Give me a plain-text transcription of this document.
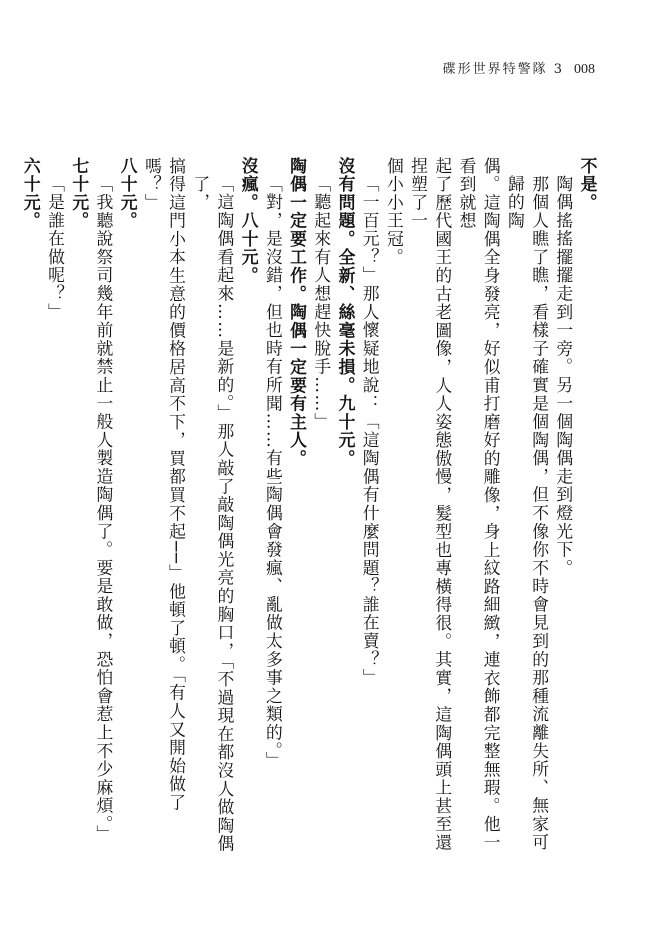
碟形世界特警隊 3 008

不是。

陶偶搖搖擺擺走到一旁。另一個陶偶走到燈光下。

那個人瞧了瞧，看樣子確實是個陶偶，但不像你不時會見到的那種流離失所、無家可歸的陶

偶。這陶偶全身發亮，好似甫打磨好的雕像，身上紋路細緻，連衣飾都完整無瑕。他一看到就想

起了歷代國王的古老圖像，人人姿態傲慢，髮型也專橫得很。其實，這陶偶頭上甚至還捏塑了一

個小小王冠。

「一百元？」那人懷疑地說：「這陶偶有什麼問題？誰在賣？」

沒有問題。全新、絲毫未損。九十元。

「聽起來有人想趕快脫手……」

陶偶一定要工作。陶偶一定要有主人。

「對，是沒錯，但也時有所聞……有些陶偶會發瘋、亂做太多事之類的。」

沒瘋。八十元。

「這陶偶看起來……是新的。」那人敲了敲陶偶光亮的胸口，「不過現在都沒人做陶偶了，

搞得這門小本生意的價格居高不下，買都買不起──」他頓了頓。「有人又開始做了嗎？」

八十元。

「我聽說祭司幾年前就禁止一般人製造陶偶了。要是敢做，恐怕會惹上不少麻煩。」

七十元。

「是誰在做呢？」

六十元。
